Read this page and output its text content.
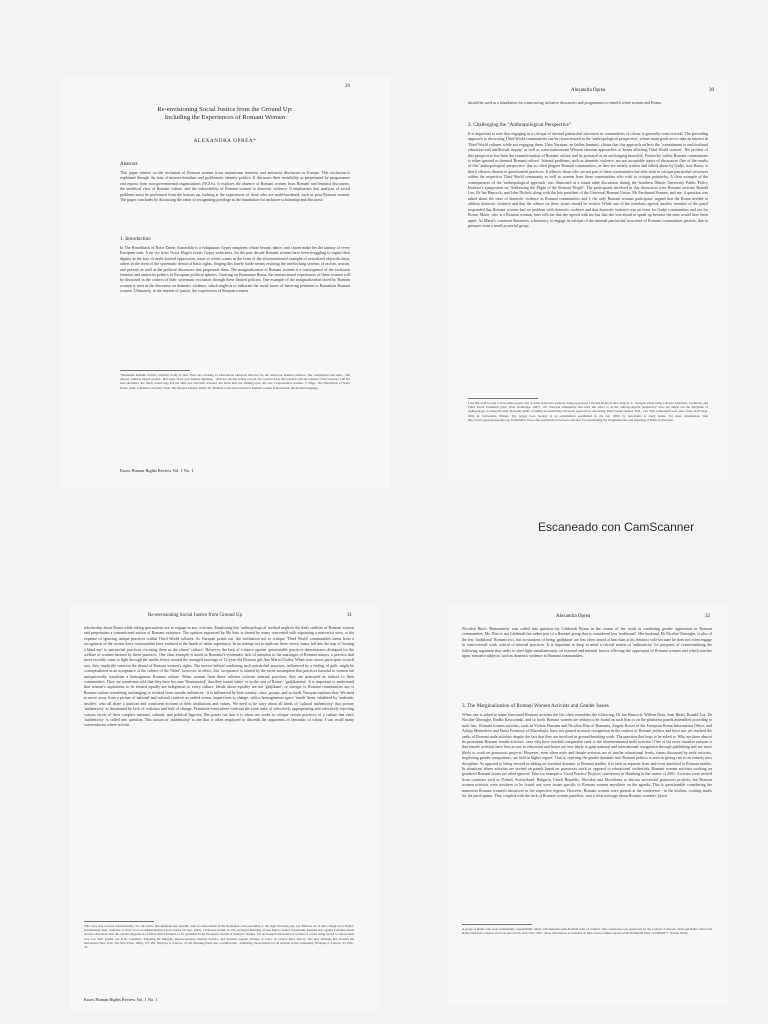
Escaneado con CamScanner
29
Re-envisioning Social Justice from the Ground Up:
Including the Experiences of Romani Women
ALEXANDRA OPREA*
Abstract
This paper centers on the exclusion of Romani women from mainstream feminist and antiracist discourses in Europe. This exclusion is explained through the lens of intersectionalism and problematic identity politics. It discusses their invisibility as perpetuated by programmes and reports from non-governmental organizations (NGOs). It explores the absence of Romani women from Romani and feminist discourses, the unethical view of Romani culture, and the vulnerability of Romani women to domestic violence. It emphasizes that analyses of social problems must be performed from the bottom up, looking at the experiences of those who are multi-burdened, such as poor Romani women. The paper concludes by discussing the value of recognizing privilege as the foundation for inclusive scholarship and discourse.
1. Introduction
In The Hunchback of Notre Dame, Esmeralda is a voluptuous Gypsy temptress whose beauty, dance, and charm make her the fantasy of every European man. A far cry from Victor Hugo's exotic Gypsy seductress, for the past decade Romani women have been struggling to regain their dignity in the face of multi-faceted oppression, some of which comes in the form of the aforementioned example of sexualized objectification, others in the form of the systematic denial of basic rights. Staging this lonely battle means resisting the interlocking systems of racism, sexism, and poverty as well as the political discourses that perpetuate them. The marginalization of Romani women is a consequence of the exclusion feminist and antiracist politics in European political spheres. Centring on Romanian Roma, the intersectional experiences of these women will be discussed in the context of their systematic exclusion through these limited policies. One example of the marginalization faced by Romani women is seen in the discourse on domestic violence, which neglects to elaborate the racial facets of battering pertinent to Romanian Romani women. Ultimately, in the interest of justice, the experiences of Romani women
*Romanian Romani activist currently living in New York and working as Educational Outreach Director for the American Romani Alliance. Her complexion was dark... She danced, whirled, turned around... Her large, black eyes flashed lightning... With her smooth bodice of gold, her colorful dress that swelled with the rapidity of her motions, with her bare shoulders, her finely turned legs that her skirt now and then revealed, her black hair, her flaming eyes, she was a supernatural creature. V. Hugo, The Hunchback of Notre Dame, trans. Catherine Liu (New York: The Modern Library, 2002), 56. 'Romina' is the plural form for Romani women in Romanian, the Romani language.
Essex Human Rights Review Vol. 1 No. 1
Alexandra Oprea	30
should be used as a foundation for constructing inclusive discourses and programmes to benefit white women and Roma.
2. Challenging the "Anthropological Perspective"
It is important to note that engaging in a critique of internal patriarchal structures in communities of colour is generally controversial. The prevailing approach to discussing Third World communities can be characterized as the 'anthropological perspective', whose main goals are to take an interest in Third World cultures while not engaging them. Uma Narayan, an Indian feminist, claims that this approach reflects the 'commitment to multicultural education and intellectual inquiry' as well as some mainstream Western feminist approaches to 'issues affecting Third World women'. The product of this perspective has been the romanticization of Romani culture and its portrayal as an unchanging monolith. Patriarchy within Romani communities is either ignored or deemed 'Romani culture'. Internal problems, such as domestic violence, are not acceptable topics of discussion. One of the results of this 'anthropological perspective' that so often plagues Romani communities, as they are mostly written and talked about by Gadje, non-Roma, is that it silences dissent to questionable practices. It silences those who are not part of these communities but who wish to critique patriarchal structures within the respective Third World community as well as women from these communities who wish to critique patriarchy. A clear example of the consequences of the 'anthropological approach' was illustrated at a round table discussion during the Southern Illinois University Public Policy Institute's symposium on 'Addressing the Plight of the Romani People'. The participants involved in this discussion were Romani activists Ronald Lee, Dr Ian Hancock, and John Nickels along with the late president of the Universal Romani Union. Mr Ferdinand Sonnen, and me. A question was asked about the rates of domestic violence in Romani communities and I, the only Romani woman participant, argued that the Roma needed to address domestic violence and that the silence on these issues should be broken. While one of the members agreed, another member of the panel responded that Romani women had no problem with domestic violence and that domestic violence was an issue for Gadje communities and not for Roma. Marie, who is a Romani woman, later told me that she agreed with me but that she was afraid to speak up because the men would have been upset. As Marie's comment illustrates, a hesitancy to engage in critique of the internal patriarchal structures of Romani communities persists, due to pressure from a small powerful group.
I use this term to refer to non-white people who at some point have been/are being oppressed. I include Roma in this category. U. Narayan, Dislocating Cultures: Identities, Traditions, and Third World Feminism (New York: Routledge, 1997), 125. Narayan emphasizes that what she refers to as the 'anthropological perspective' does not single out the discipline of anthropology as being the only discipline guilty of taking an exoticizing and static approach to discussing Third World cultures. Ibid., 125. This symposium took place from 22-25 Sept. 2002 in Carbondale, Illinois. The Gypsy Lore Society is an organization established in the late 1800s by non-Roma to study Roma. For more information, visit http://www.gypsyloresociety.org. In Romani circles, this organization has been criticized for perpetuating the marginalization and silencing of Roma in literature.
Re-envisioning Social Justice from Ground Up	31
scholarship about Roma while taking precautions not to engage in any criticism. Employing this 'anthropological' method neglects the daily realities of Romani women and perpetuates a romanticized notion of Romani existence. The opinion expressed by Mr Sato is shared by many concerned with espousing a non-racist view, at the expense of ignoring unique practices within Third World cultures. As Narayan points out, the inclination not to critique 'Third World' communities stems from a recognition of the racism these communities have endured at the hands of white supremacy. In an attempt not to replicate these views, many fall into the trap of 'turning a blind eye' to patriarchal practices, excusing them as the others' 'culture'. However, the lack of a stance against questionable practices demonstrates disregard for the welfare of women harmed by these practices. One clear example is noted in Romania's systematic lack of attention to the marriages of Romani minors, a practice that more recently came to light through the media frenzy around the arranged marriage of 12-year-old Romani girl Ana Maria Cioaba. When state actors participate in such acts, they implicitly sanction the denial of Romani women's rights. The motive behind condoning such patriarchal practices, influenced by a feeling of guilt, might be conceptualized as an acceptance of the culture of the 'Other', however, in effect, this 'acceptance' is tainted by the racist assumption that practices harmful to women are unequivocally constitute a homogenous Romani culture. When women from these cultures criticize internal practices, they are portrayed as traitors to their communities. They are sometimes told that they have become 'Westernized', that they sound 'white' or in the case of Roma - 'gadjikanime'. It is important to understand that women's aspirations to be treated equally are indigenous to every culture. Ideals about equality are not 'gadjikane', or foreign, to Romani communities nor is Romani culture something unchanging or isolated from outside influences - it is influenced by host country, class, groups, and so forth. Narayan explains that: We need to move away from a picture of national and cultural contexts as sealed rooms, impervious to change, with a homogeneous space 'inside' them, inhabited by 'authentic insiders' who all share a uniform and consistent account of their institutions and values. We need to be wary about all kinds of 'cultural authenticity' that portray 'authenticity' as threatened by lack of criticism and lack of change. Feminists everywhere confront the joint tasks of selectively appropriating and selectively rejecting various facets of their complex national, cultural, and political legacies. She points out that it is when one seeks to critique certain practices of a culture that one's 'authenticity' is called into question. This notion of 'authenticity' is one that is often employed to discredit the arguments of feminists of colour. I can recall many conversations where activist
This story was covered internationally. For the article that mentions the systemic lack of enforcement of the Romanian code pertaining to the legal marrying age, see 'Mireasa de 12 Ani a Regit de la Nunta', Evenimentul Zilei, available at: http://www.evenimentulzilei.ro (last visited 29 Sept. 2003). I elaborate further in 'The Arranged Marriage of Ana Maria Cioaba: Positioning Romani-ness against Feminist Ideals and the Obsession with the Gender Oppression of Third-World Women', to be published in the European Journal of Women's Studies. For an in-depth discussion of women of colour being forced to choose their race over their gender, see K.W. Crenshaw, 'Mapping the Margins: Intersectionality, Identity Politics, and Violence Against Women of Color' in Critical Race Theory: The Key Writings that Formed the Movement (New York: The New Press, 1995), 357-383. Narayan, n. 4 above, 21-39. Meaning made into a Gadji/Gadjo - exhibiting characteristics of an outsider to the community. Narayan, n. 4 above, 33. Ibid., 33.
Essex Human Rights Review Vol. 1 No. 1
Alexandra Oprea	32
Nicoleta Bitu's 'Romaniness' was called into question by Caldenaft Roma in the course of her work at combating gender oppression in Romani communities. Ms. Bitu is not Caldenaft but rather part of a Romani group that is considered less 'traditional'. Her husband, Dr Nicolae Gheorghe, is also of the less 'traditional' Romani sect, but accusations of being 'gadjikane' are less often aimed at him than at his feminist wife because he does not often engage in controversial work critical of internal practices. It is important to keep in mind a critical notion of 'authenticity' for purposes of contextualizing the following argument that seeks to shed light simultaneously on external and internal factors affecting the oppression of Romani women and which touches upon 'sensitive subjects' such as domestic violence in Romani communities.
3. The Marginalization of Romani Women Activists and Gender Issues
When one is asked to name renowned Romani activists the list often resembles the following: Dr Ian Hancock, Willem Dera, Sani Rifati, Ronald Lee, Dr Nicolae Gheorghe, Radko Kawczinski, and so forth. Romani women are seldom to be found on such lists or on the platforms panels assembled according to such lists. Romani women activists, such as Violeta Dumitru and Nicoleta Bitu of Romania, Angela Kocze of the European Roma Information Office, and Azbija Memedova and Enisa Eminova of Macedonia, have not gained as much recognition in the context of Romani politics and have not yet reached the ranks of Romani male activists despite the fact that they are involved in ground-breaking work. The question that begs to be asked is: Why are there almost no prominent Romani female activists, ones who have reached comparable rank to the aforementioned male activists? One of the more intuitive reasons is that female activists have less access to education and hence are less likely to gain national and international recognition through publishing and are more likely to work on grassroots projects. However, even when male and female activists are of similar educational levels, issues discussed by male activists, neglecting gender components, are held in higher regard. That is, rejecting the gender dynamic into Romani politics is seen as giving rise to an entirely new discipline. As opposed to being viewed as adding an essential dynamic to Romani studies, it is seen as separate from and even unrelated to Romani studies. In situations where activists are invited on panels based on grassroots work as opposed to educational credentials, Romani women activists working on gendered Romani issues are often ignored. Take for example a 'Good Practice Projects' conference in Hamburg in the winter of 2001. Activists were invited from countries such as Poland, Switzerland, Bulgaria, Czech Republic, Slovakia and Macedonia to discuss successful grassroots projects, but Romani women activists were nowhere to be found; nor were issues specific to Romani women anywhere on the agenda. This is questionable considering the numerous Romani women's initiatives in the respective regions. However, Romani women were present at the conference - in the kitchen, cooking meals for the participants. This, coupled with the lack of Romani women panelists, sent a clear message about Romani women's 'place'.
A group of Roma who were traditionally coppersmiths. Many still maintain some Romani rules of conduct. This conference was sponsored by the Council of Europe, Sinti and Roma Union and Roma National Congress and took place from 19-21 Nov. 2001. More information is available at: http://www.romnet.org/news/UK-ROMANI/2001-11/00004877/ (8 June 2004).
